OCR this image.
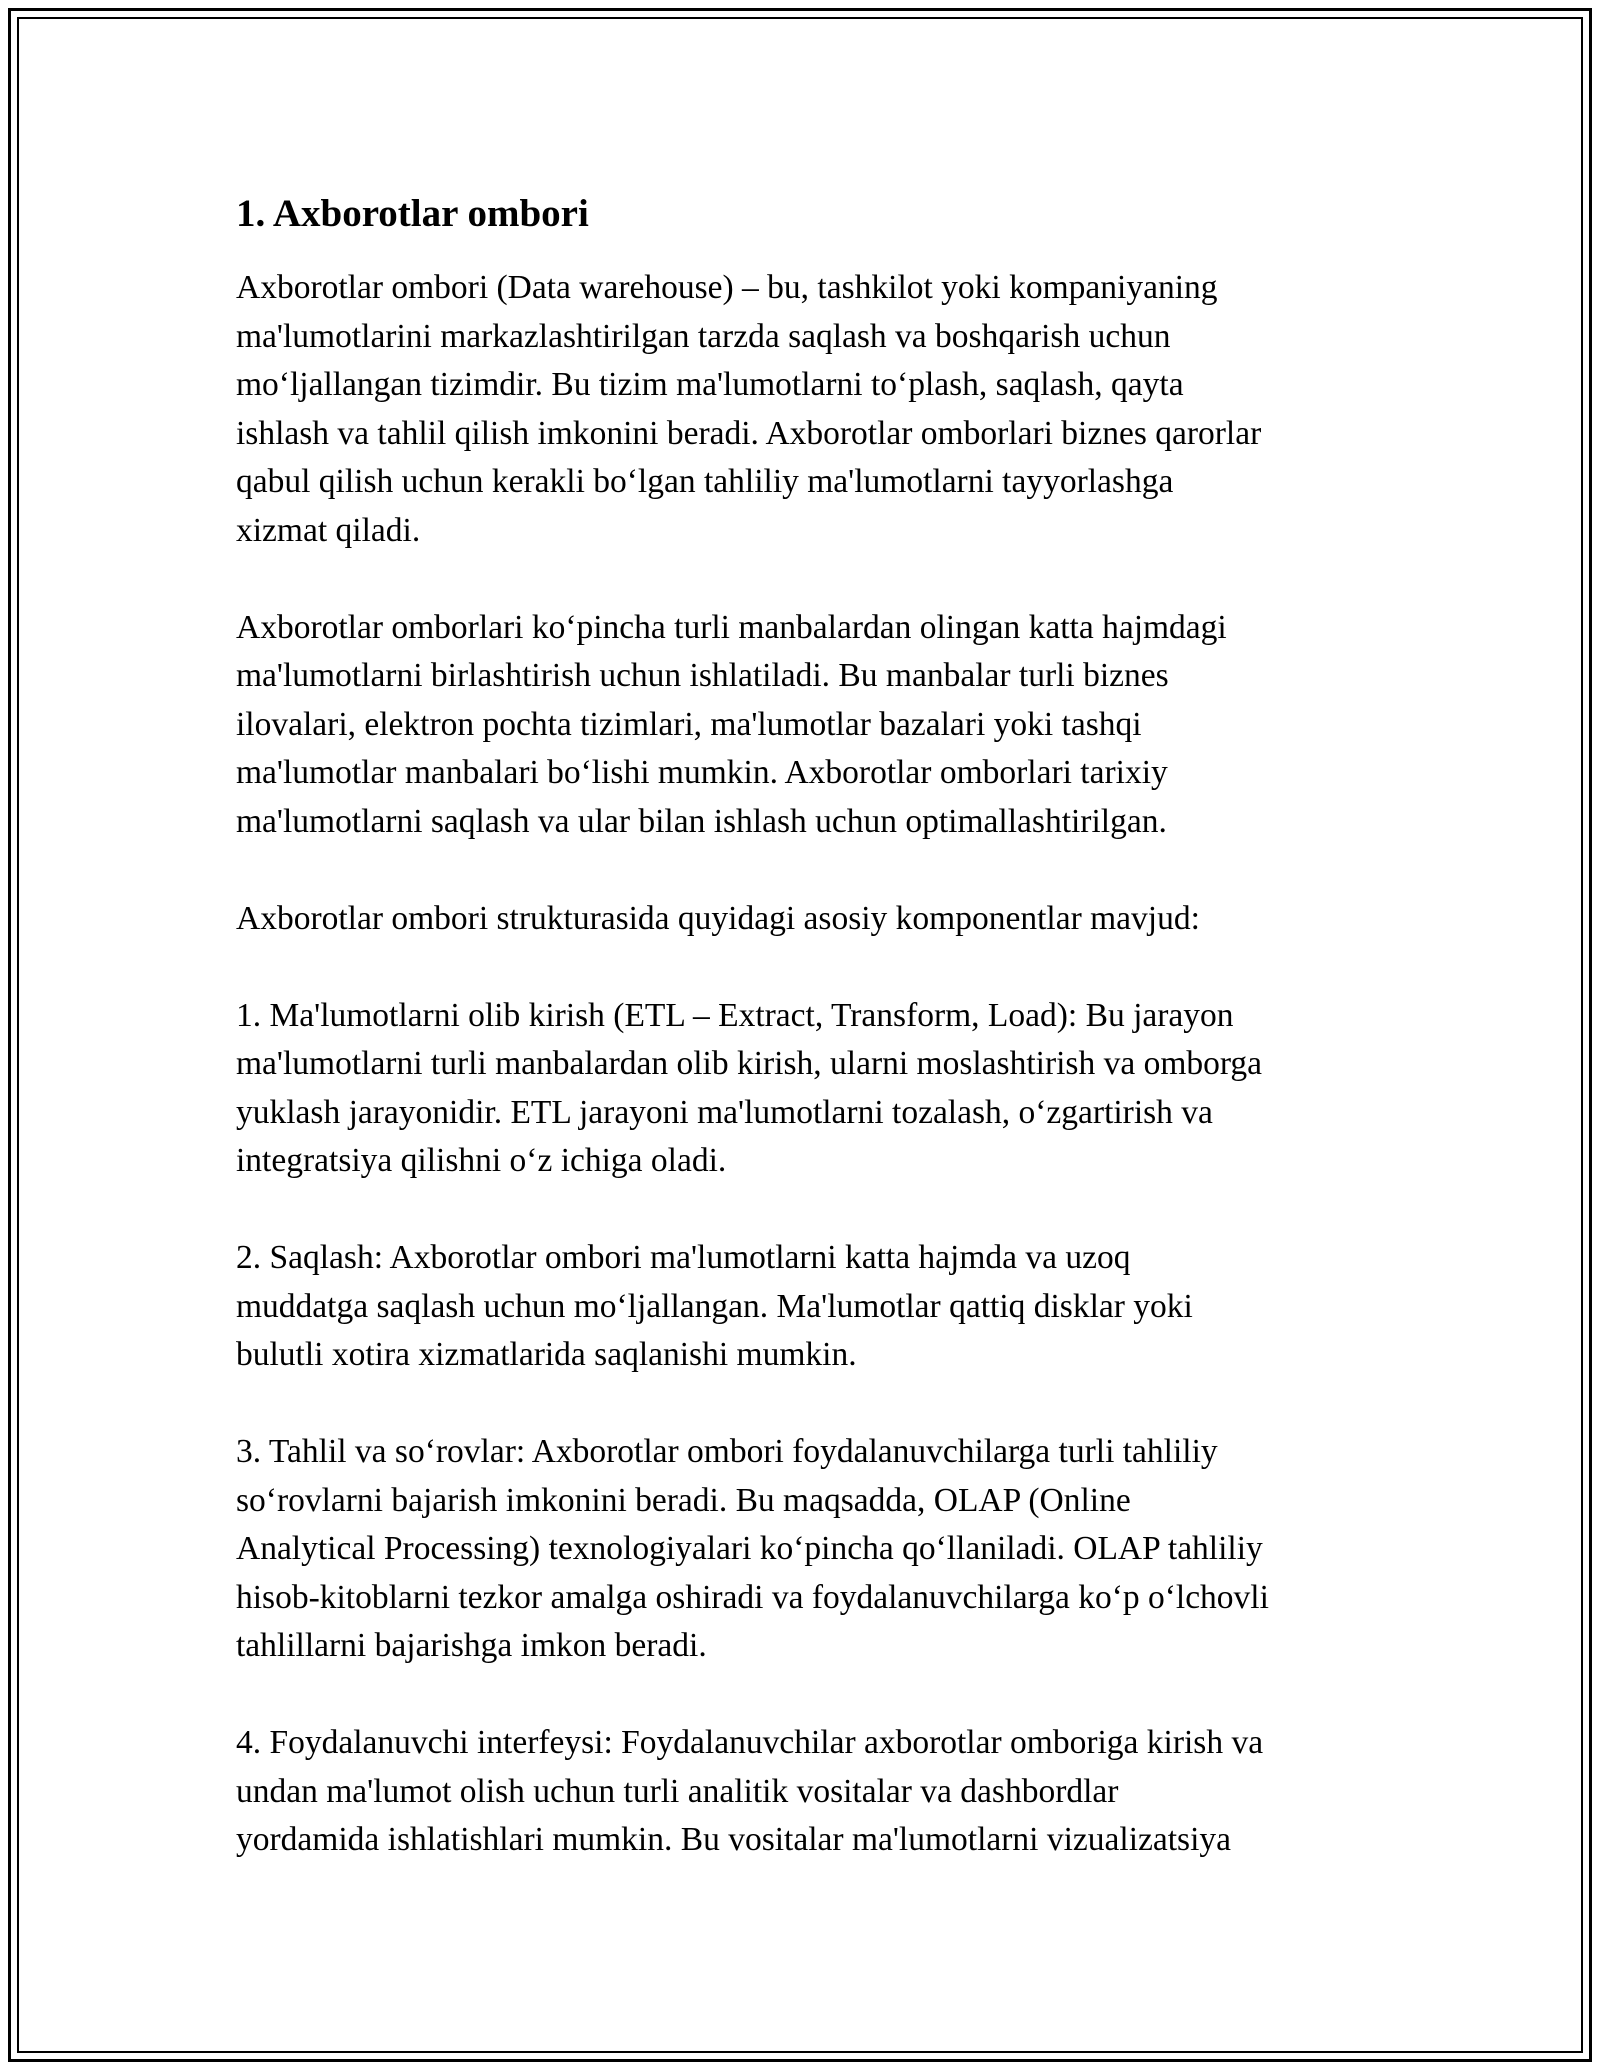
1. Axborotlar ombori
Axborotlar ombori (Data warehouse) – bu, tashkilot yoki kompaniyaning
ma'lumotlarini markazlashtirilgan tarzda saqlash va boshqarish uchun
mo‘ljallangan tizimdir. Bu tizim ma'lumotlarni to‘plash, saqlash, qayta
ishlash va tahlil qilish imkonini beradi. Axborotlar omborlari biznes qarorlar
qabul qilish uchun kerakli bo‘lgan tahliliy ma'lumotlarni tayyorlashga
xizmat qiladi.
Axborotlar omborlari ko‘pincha turli manbalardan olingan katta hajmdagi
ma'lumotlarni birlashtirish uchun ishlatiladi. Bu manbalar turli biznes
ilovalari, elektron pochta tizimlari, ma'lumotlar bazalari yoki tashqi
ma'lumotlar manbalari bo‘lishi mumkin. Axborotlar omborlari tarixiy
ma'lumotlarni saqlash va ular bilan ishlash uchun optimallashtirilgan.
Axborotlar ombori strukturasida quyidagi asosiy komponentlar mavjud:
1. Ma'lumotlarni olib kirish (ETL – Extract, Transform, Load): Bu jarayon
ma'lumotlarni turli manbalardan olib kirish, ularni moslashtirish va omborga
yuklash jarayonidir. ETL jarayoni ma'lumotlarni tozalash, o‘zgartirish va
integratsiya qilishni o‘z ichiga oladi.
2. Saqlash: Axborotlar ombori ma'lumotlarni katta hajmda va uzoq
muddatga saqlash uchun mo‘ljallangan. Ma'lumotlar qattiq disklar yoki
bulutli xotira xizmatlarida saqlanishi mumkin.
3. Tahlil va so‘rovlar: Axborotlar ombori foydalanuvchilarga turli tahliliy
so‘rovlarni bajarish imkonini beradi. Bu maqsadda, OLAP (Online
Analytical Processing) texnologiyalari ko‘pincha qo‘llaniladi. OLAP tahliliy
hisob-kitoblarni tezkor amalga oshiradi va foydalanuvchilarga ko‘p o‘lchovli
tahlillarni bajarishga imkon beradi.
4. Foydalanuvchi interfeysi: Foydalanuvchilar axborotlar omboriga kirish va
undan ma'lumot olish uchun turli analitik vositalar va dashbordlar
yordamida ishlatishlari mumkin. Bu vositalar ma'lumotlarni vizualizatsiya
